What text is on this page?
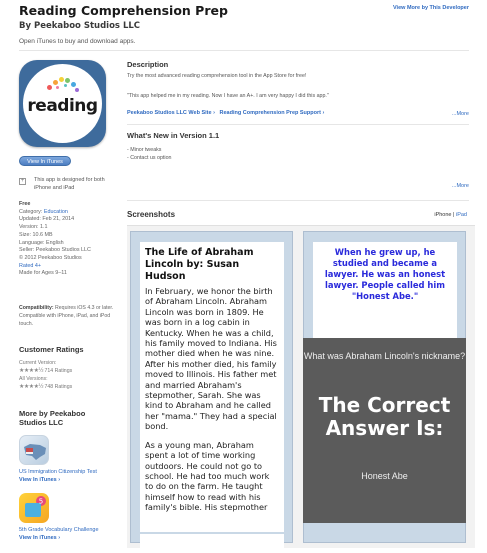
Reading Comprehension Prep
By Peekaboo Studios LLC
View More by This Developer
Open iTunes to buy and download apps.
reading
View In iTunes
+	This app is designed for both iPhone and iPad
Free
Category: Education
Updated: Feb 21, 2014
Version: 1.1
Size: 10.6 MB
Language: English
Seller: Peekaboo Studios LLC
© 2012 Peekaboo Studios
Rated 4+
Made for Ages 9–11
Compatibility: Requires iOS 4.3 or later. Compatible with iPhone, iPad, and iPod touch.
Customer Ratings
Current Version:
★★★★½ 714 Ratings
All Versions:
★★★★½ 748 Ratings
More by Peekaboo Studios LLC
US Immigration Citizenship Test
View In iTunes ›
5
5th Grade Vocabulary Challenge
View In iTunes ›
Description
Try the most advanced reading comprehension tool in the App Store for free!
"This app helped me in my reading. Now I have an A+. I am very happy I did this app."
Peekaboo Studios LLC Web Site › Reading Comprehension Prep Support ›	...More
What's New in Version 1.1
- Minor tweaks
- Contact us option
...More
Screenshots	iPhone | iPad
The Life of Abraham Lincoln by: Susan Hudson

In February, we honor the birth of Abraham Lincoln. Abraham Lincoln was born in 1809. He was born in a log cabin in Kentucky. When he was a child, his family moved to Indiana. His mother died when he was nine. After his mother died, his family moved to Illinois. His father met and married Abraham's stepmother, Sarah. She was kind to Abraham and he called her "mama." They had a special bond.

As a young man, Abraham spent a lot of time working outdoors. He could not go to school. He had too much work to do on the farm. He taught himself how to read with his family's bible. His stepmother

When he grew up, he studied and became a lawyer. He was an honest lawyer. People called him "Honest Abe."
What was Abraham Lincoln's nickname?
The Correct Answer Is:
Honest Abe
